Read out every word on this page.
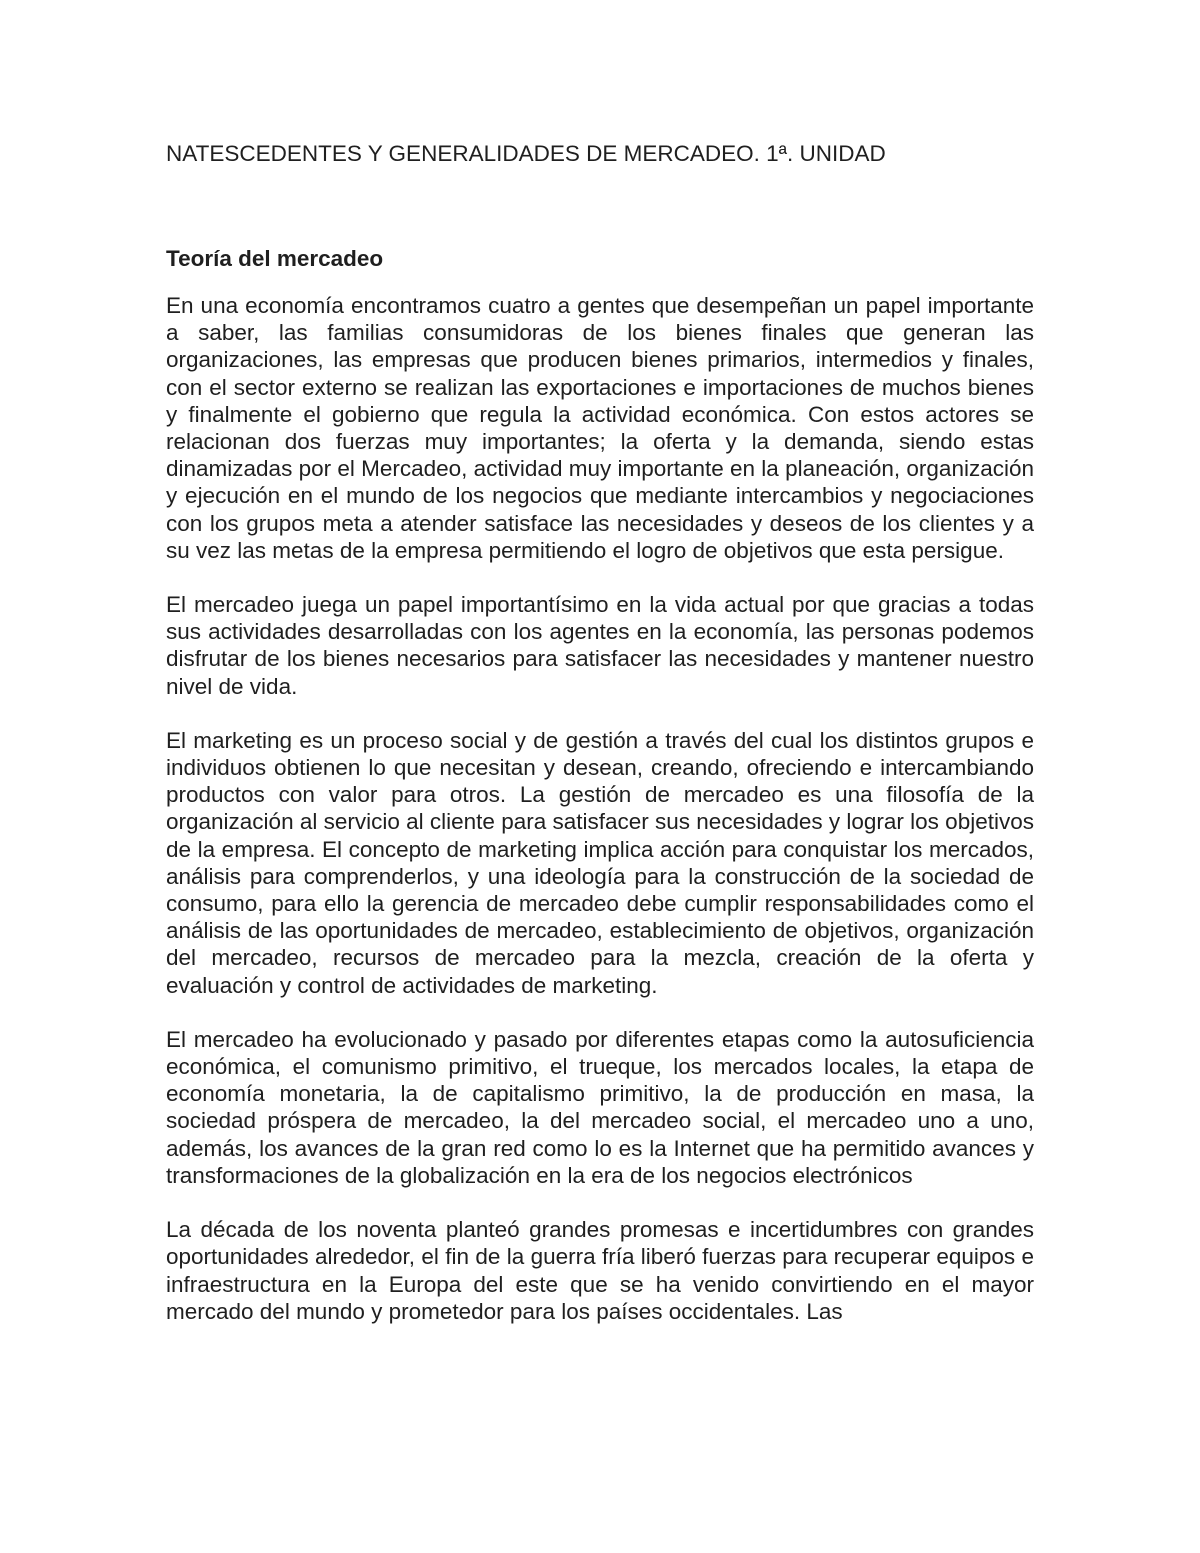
NATESCEDENTES Y GENERALIDADES DE MERCADEO. 1ª. UNIDAD
Teoría del mercadeo

En una economía encontramos cuatro a gentes que desempeñan un papel importante a saber, las familias consumidoras de los bienes finales que generan las organizaciones, las empresas que producen bienes primarios, intermedios y finales, con el sector externo se realizan las exportaciones e importaciones de muchos bienes y finalmente el gobierno que regula la actividad económica. Con estos actores se relacionan dos fuerzas muy importantes; la oferta y la demanda, siendo estas dinamizadas por el Mercadeo, actividad muy importante en la planeación, organización y ejecución en el mundo de los negocios que mediante intercambios y negociaciones con los grupos meta a atender satisface las necesidades y deseos de los clientes y a su vez las metas de la empresa permitiendo el logro de objetivos que esta persigue.

El mercadeo juega un papel importantísimo en la vida actual por que gracias a todas sus actividades desarrolladas con los agentes en la economía, las personas podemos disfrutar de los bienes necesarios para satisfacer las necesidades y mantener nuestro nivel de vida.

El marketing es un proceso social y de gestión a través del cual los distintos grupos e individuos obtienen lo que necesitan y desean, creando, ofreciendo e intercambiando productos con valor para otros. La gestión de mercadeo es una filosofía de la organización al servicio al cliente para satisfacer sus necesidades y lograr los objetivos de la empresa. El concepto de marketing implica acción para conquistar los mercados, análisis para comprenderlos, y una ideología para la construcción de la sociedad de consumo, para ello la gerencia de mercadeo debe cumplir responsabilidades como el análisis de las oportunidades de mercadeo, establecimiento de objetivos, organización del mercadeo, recursos de mercadeo para la mezcla, creación de la oferta y evaluación y control de actividades de marketing.

El mercadeo ha evolucionado y pasado por diferentes etapas como la autosuficiencia económica, el comunismo primitivo, el trueque, los mercados locales, la etapa de economía monetaria, la de capitalismo primitivo, la de producción en masa, la sociedad próspera de mercadeo, la del mercadeo social, el mercadeo uno a uno, además, los avances de la gran red como lo es la Internet que ha permitido avances y transformaciones de la globalización en la era de los negocios electrónicos

La década de los noventa planteó grandes promesas e incertidumbres con grandes oportunidades alrededor, el fin de la guerra fría liberó fuerzas para recuperar equipos e infraestructura en la Europa del este que se ha venido convirtiendo en el mayor mercado del mundo y prometedor para los países occidentales. Las
